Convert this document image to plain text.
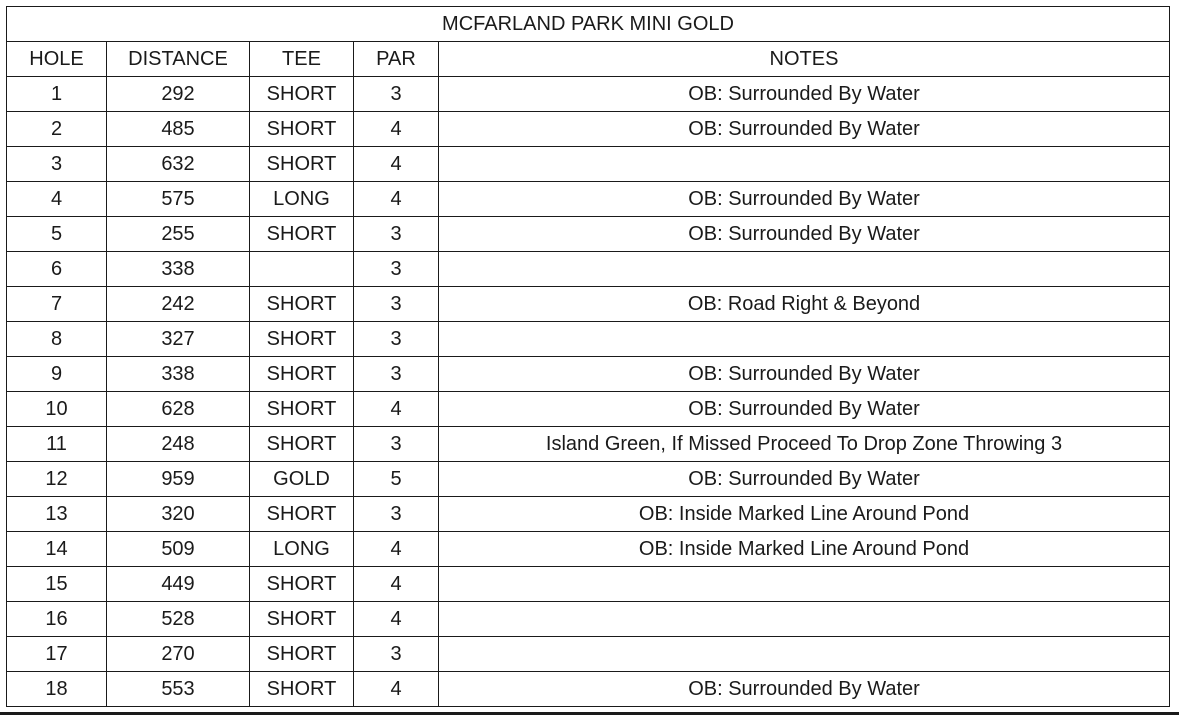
MCFARLAND PARK MINI GOLD				
HOLE	DISTANCE	TEE	PAR	NOTES
1	292	SHORT	3	OB: Surrounded By Water
2	485	SHORT	4	OB: Surrounded By Water
3	632	SHORT	4	
4	575	LONG	4	OB: Surrounded By Water
5	255	SHORT	3	OB: Surrounded By Water
6	338		3	
7	242	SHORT	3	OB: Road Right & Beyond
8	327	SHORT	3	
9	338	SHORT	3	OB: Surrounded By Water
10	628	SHORT	4	OB: Surrounded By Water
11	248	SHORT	3	Island Green, If Missed Proceed To Drop Zone Throwing 3
12	959	GOLD	5	OB: Surrounded By Water
13	320	SHORT	3	OB: Inside Marked Line Around Pond
14	509	LONG	4	OB: Inside Marked Line Around Pond
15	449	SHORT	4	
16	528	SHORT	4	
17	270	SHORT	3	
18	553	SHORT	4	OB: Surrounded By Water
